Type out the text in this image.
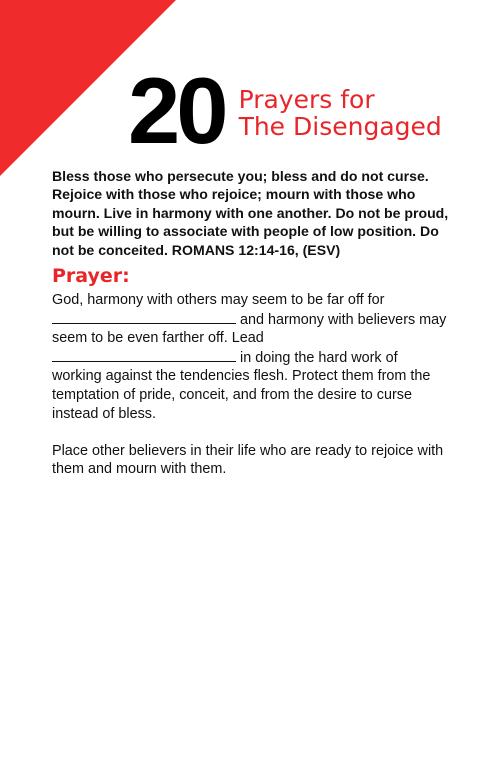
20 Prayers for
The Disengaged
Bless those who persecute you; bless and do not curse. Rejoice with those who rejoice; mourn with those who mourn. Live in harmony with one another. Do not be proud, but be willing to associate with people of low position. Do not be conceited. ROMANS 12:14-16, (ESV)
Prayer:

God, harmony with others may seem to be far off for and harmony with believers may seem to be even farther off. Lead in doing the hard work of working against the tendencies flesh. Protect them from the temptation of pride, conceit, and from the desire to curse instead of bless.

Place other believers in their life who are ready to rejoice with them and mourn with them.
